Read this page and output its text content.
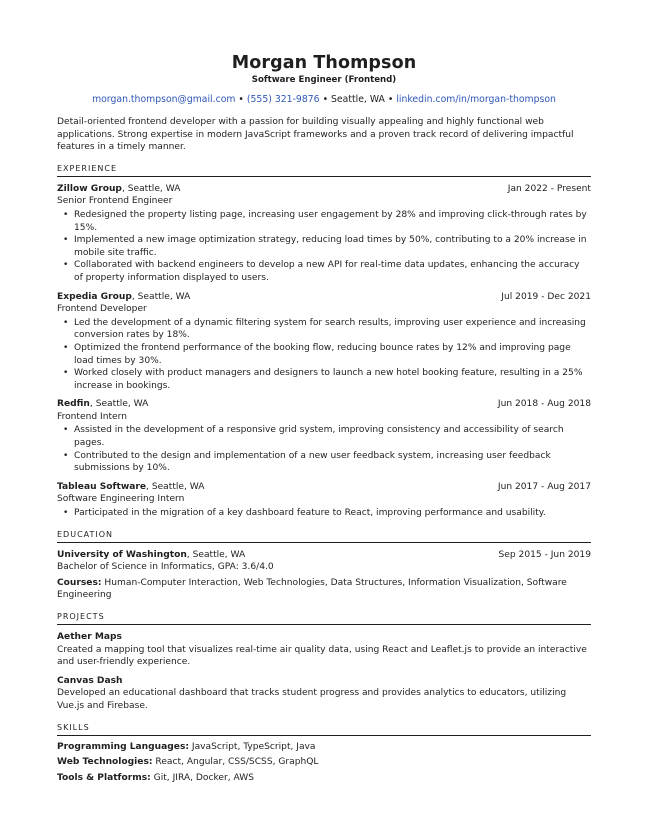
Morgan Thompson
Software Engineer (Frontend)
morgan.thompson@gmail.com • (555) 321-9876 • Seattle, WA • linkedin.com/in/morgan-thompson
Detail-oriented frontend developer with a passion for building visually appealing and highly functional web applications. Strong expertise in modern JavaScript frameworks and a proven track record of delivering impactful features in a timely manner.
EXPERIENCE
Zillow Group, Seattle, WA	Jan 2022 - Present
Senior Frontend Engineer
• Redesigned the property listing page, increasing user engagement by 28% and improving click-through rates by 15%.
• Implemented a new image optimization strategy, reducing load times by 50%, contributing to a 20% increase in mobile site traffic.
• Collaborated with backend engineers to develop a new API for real-time data updates, enhancing the accuracy of property information displayed to users.
Expedia Group, Seattle, WA	Jul 2019 - Dec 2021
Frontend Developer
• Led the development of a dynamic filtering system for search results, improving user experience and increasing conversion rates by 18%.
• Optimized the frontend performance of the booking flow, reducing bounce rates by 12% and improving page load times by 30%.
• Worked closely with product managers and designers to launch a new hotel booking feature, resulting in a 25% increase in bookings.
Redfin, Seattle, WA	Jun 2018 - Aug 2018
Frontend Intern
• Assisted in the development of a responsive grid system, improving consistency and accessibility of search pages.
• Contributed to the design and implementation of a new user feedback system, increasing user feedback submissions by 10%.
Tableau Software, Seattle, WA	Jun 2017 - Aug 2017
Software Engineering Intern
• Participated in the migration of a key dashboard feature to React, improving performance and usability.
EDUCATION
University of Washington, Seattle, WA	Sep 2015 - Jun 2019
Bachelor of Science in Informatics, GPA: 3.6/4.0
Courses: Human-Computer Interaction, Web Technologies, Data Structures, Information Visualization, Software Engineering
PROJECTS
Aether Maps
Created a mapping tool that visualizes real-time air quality data, using React and Leaflet.js to provide an interactive and user-friendly experience.
Canvas Dash
Developed an educational dashboard that tracks student progress and provides analytics to educators, utilizing Vue.js and Firebase.
SKILLS
Programming Languages: JavaScript, TypeScript, Java
Web Technologies: React, Angular, CSS/SCSS, GraphQL
Tools & Platforms: Git, JIRA, Docker, AWS
